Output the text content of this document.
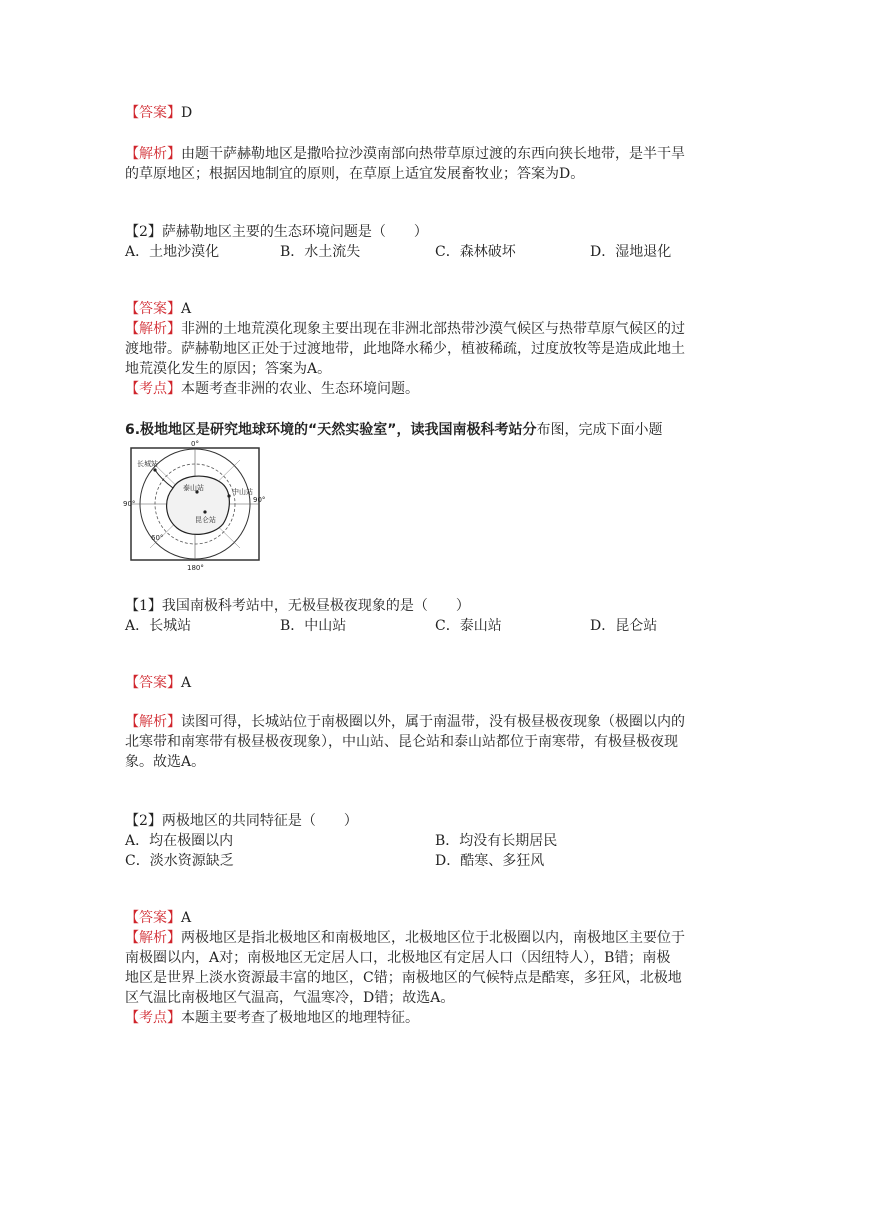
【答案】D
【解析】由题干萨赫勒地区是撒哈拉沙漠南部向热带草原过渡的东西向狭长地带，是半干旱
的草原地区；根据因地制宜的原则，在草原上适宜发展畜牧业；答案为D。
【2】萨赫勒地区主要的生态环境问题是（　　）
A．土地沙漠化	B．水土流失	C．森林破坏	D．湿地退化
【答案】A
【解析】非洲的土地荒漠化现象主要出现在非洲北部热带沙漠气候区与热带草原气候区的过
渡地带。萨赫勒地区正处于过渡地带，此地降水稀少，植被稀疏，过度放牧等是造成此地土
地荒漠化发生的原因；答案为A。
【考点】本题考查非洲的农业、生态环境问题。
6.极地地区是研究地球环境的“天然实验室”，读我国南极科考站分布图，完成下面小题
0°
90°	90°
180°
长城站
泰山站	中山站
昆仑站
60°
【1】我国南极科考站中，无极昼极夜现象的是（　　）
A．长城站	B．中山站	C．泰山站	D．昆仑站
【答案】A
【解析】读图可得，长城站位于南极圈以外，属于南温带，没有极昼极夜现象（极圈以内的
北寒带和南寒带有极昼极夜现象），中山站、昆仑站和泰山站都位于南寒带，有极昼极夜现
象。故选A。
【2】两极地区的共同特征是（　　）
A．均在极圈以内	B．均没有长期居民
C．淡水资源缺乏	D．酷寒、多狂风
【答案】A
【解析】两极地区是指北极地区和南极地区，北极地区位于北极圈以内，南极地区主要位于
南极圈以内，A对；南极地区无定居人口，北极地区有定居人口（因纽特人），B错；南极
地区是世界上淡水资源最丰富的地区，C错；南极地区的气候特点是酷寒，多狂风，北极地
区气温比南极地区气温高，气温寒冷，D错；故选A。
【考点】本题主要考查了极地地区的地理特征。
